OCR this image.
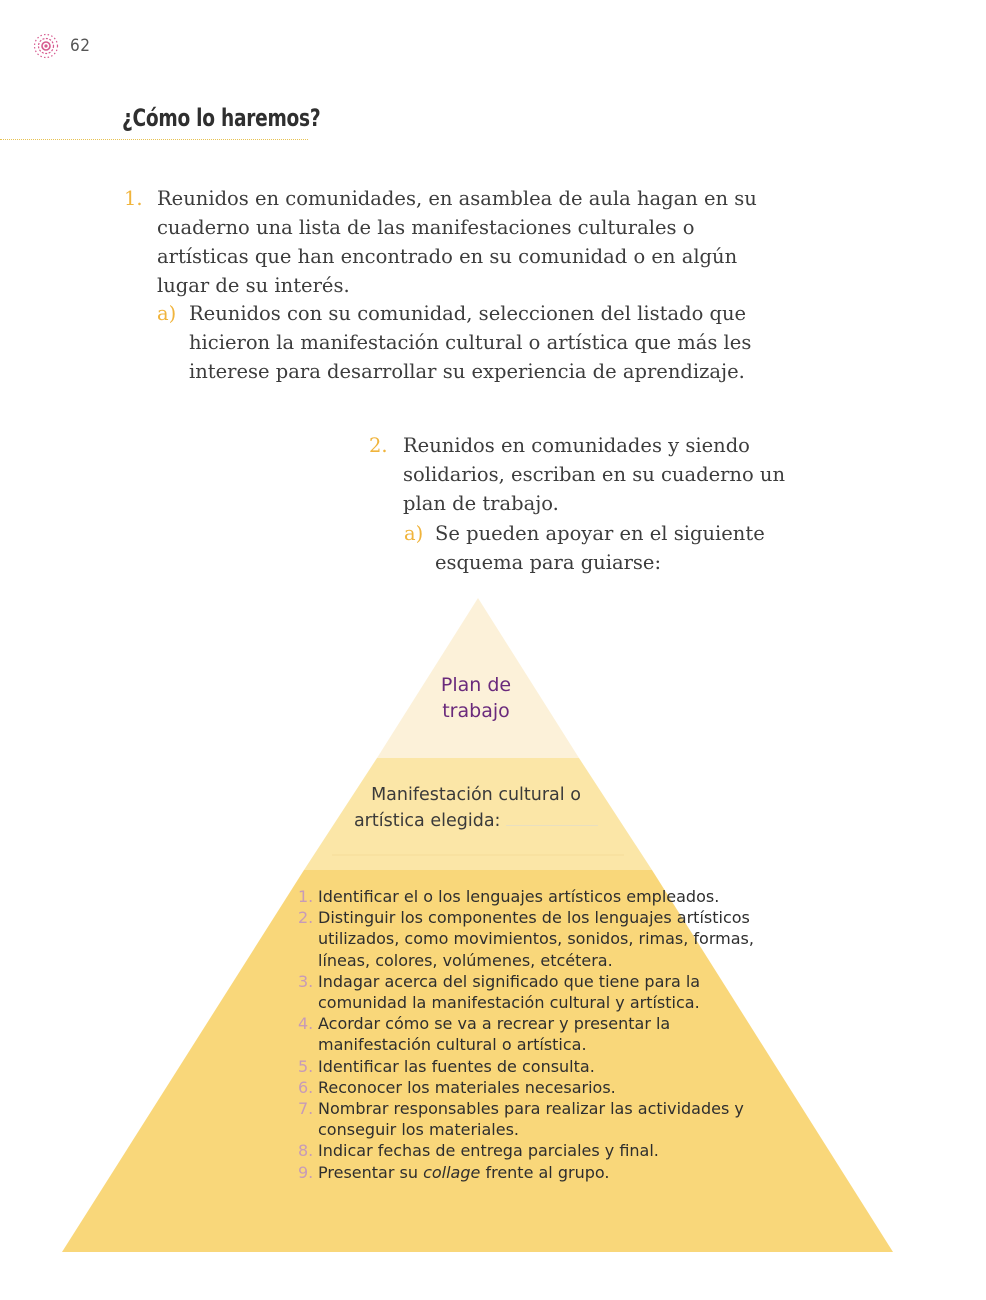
62
¿Cómo lo haremos?
1. Reunidos en comunidades, en asamblea de aula hagan en su cuaderno una lista de las manifestaciones culturales o artísticas que han encontrado en su comunidad o en algún lugar de su interés.
a) Reunidos con su comunidad, seleccionen del listado que hicieron la manifestación cultural o artística que más les interese para desarrollar su experiencia de aprendizaje.
2. Reunidos en comunidades y siendo solidarios, escriban en su cuaderno un plan de trabajo.
a) Se pueden apoyar en el siguiente esquema para guiarse:
Plan de
trabajo
Manifestación cultural o
artística elegida:
1. Identificar el o los lenguajes artísticos empleados.
2. Distinguir los componentes de los lenguajes artísticos utilizados, como movimientos, sonidos, rimas, formas, líneas, colores, volúmenes, etcétera.
3. Indagar acerca del significado que tiene para la comunidad la manifestación cultural y artística.
4. Acordar cómo se va a recrear y presentar la manifestación cultural o artística.
5. Identificar las fuentes de consulta.
6. Reconocer los materiales necesarios.
7. Nombrar responsables para realizar las actividades y conseguir los materiales.
8. Indicar fechas de entrega parciales y final.
9. Presentar su collage frente al grupo.
